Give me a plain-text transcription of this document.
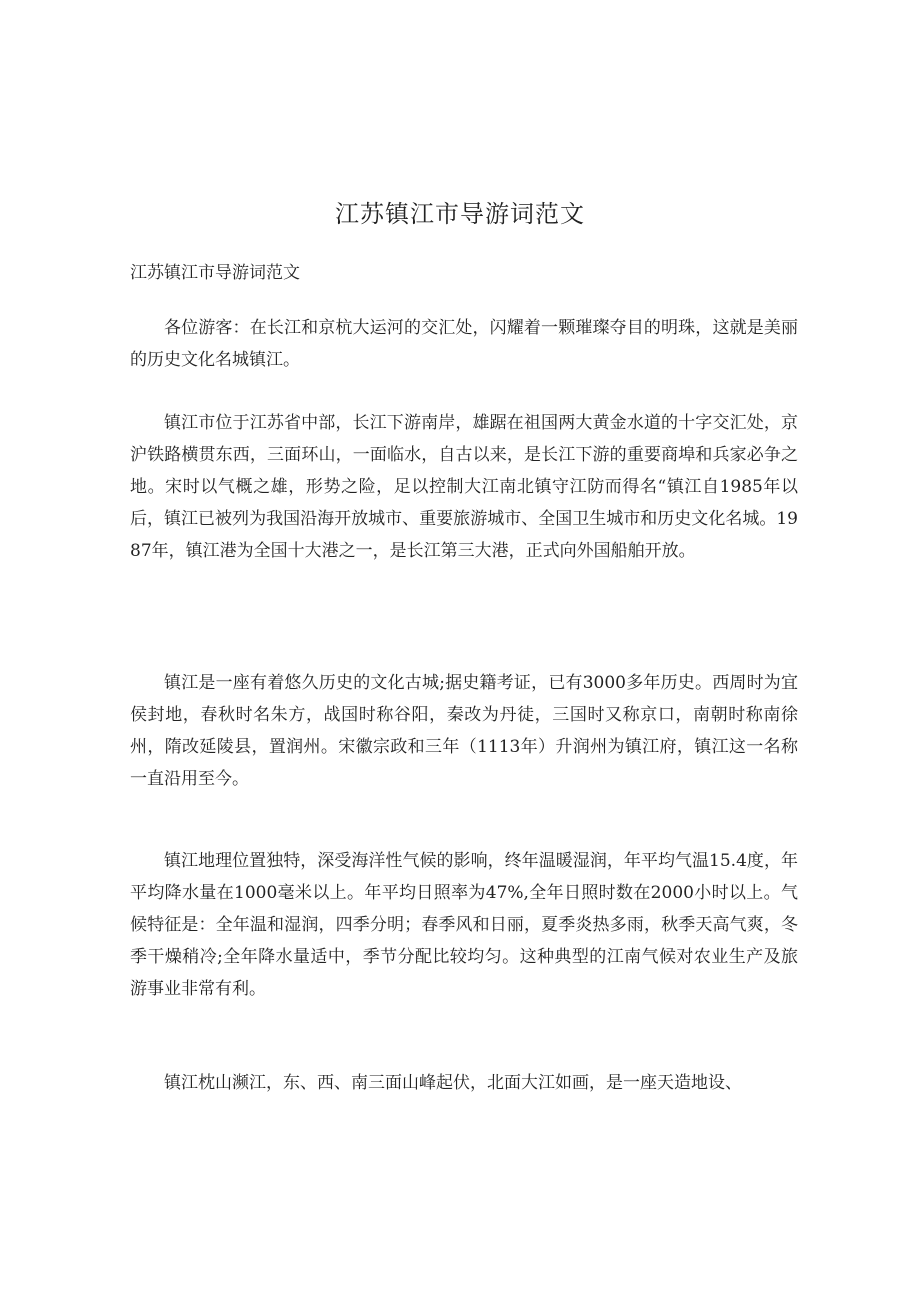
江苏镇江市导游词范文

江苏镇江市导游词范文

各位游客：在长江和京杭大运河的交汇处，闪耀着一颗璀璨夺目的明珠，这就是美丽的历史文化名城镇江。

镇江市位于江苏省中部，长江下游南岸，雄踞在祖国两大黄金水道的十字交汇处，京沪铁路横贯东西，三面环山，一面临水，自古以来，是长江下游的重要商埠和兵家必争之地。宋时以气概之雄，形势之险，足以控制大江南北镇守江防而得名“镇江自1985年以后，镇江已被列为我国沿海开放城市、重要旅游城市、全国卫生城市和历史文化名城。1987年，镇江港为全国十大港之一，是长江第三大港，正式向外国船舶开放。

镇江是一座有着悠久历史的文化古城;据史籍考证，已有3000多年历史。西周时为宜侯封地，春秋时名朱方，战国时称谷阳，秦改为丹徒，三国时又称京口，南朝时称南徐州，隋改延陵县，置润州。宋徽宗政和三年（1113年）升润州为镇江府，镇江这一名称一直沿用至今。

镇江地理位置独特，深受海洋性气候的影响，终年温暖湿润，年平均气温15.4度，年平均降水量在1000毫米以上。年平均日照率为47%,全年日照时数在2000小时以上。气候特征是：全年温和湿润，四季分明；春季风和日丽，夏季炎热多雨，秋季天高气爽，冬季干燥稍冷;全年降水量适中，季节分配比较均匀。这种典型的江南气候对农业生产及旅游事业非常有利。

镇江枕山濒江，东、西、南三面山峰起伏，北面大江如画，是一座天造地设、
